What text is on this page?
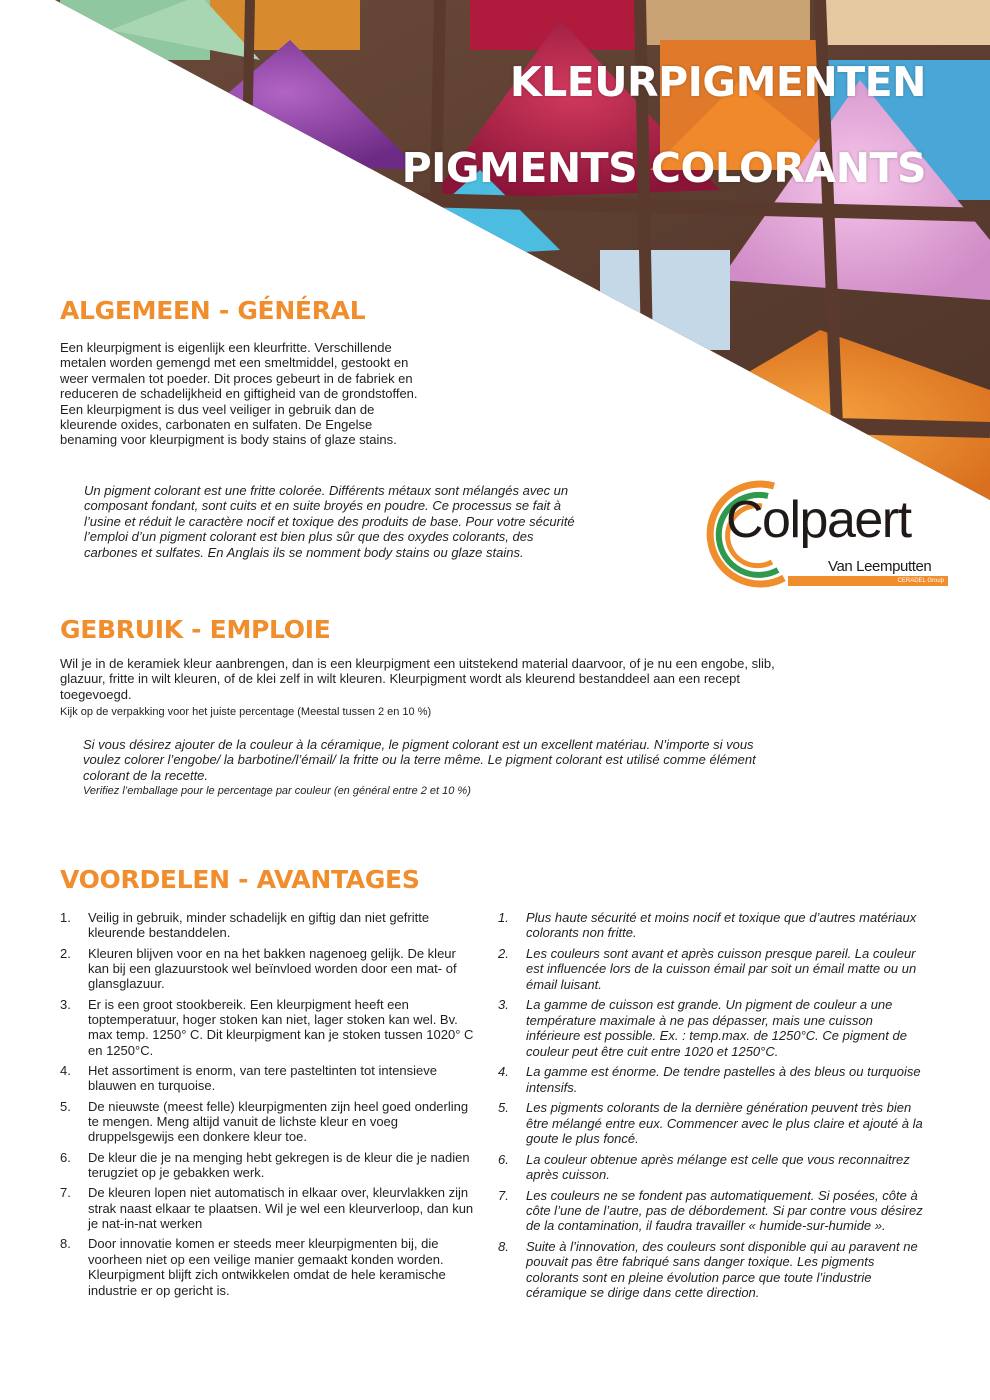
KLEURPIGMENTEN
PIGMENTS COLORANTS
ALGEMEEN - GÉNÉRAL

Een kleurpigment is eigenlijk een kleurfritte. Verschillende metalen worden gemengd met een smeltmiddel, gestookt en weer vermalen tot poeder. Dit proces gebeurt in de fabriek en reduceren de schadelijkheid en giftigheid van de grondstoffen. Een kleurpigment is dus veel veiliger in gebruik dan de kleurende oxides, carbonaten en sulfaten. De Engelse benaming voor kleurpigment is body stains of glaze stains.

Un pigment colorant est une fritte colorée. Différents métaux sont mélangés avec un composant fondant, sont cuits et en suite broyés en poudre. Ce processus se fait à l’usine et réduit le caractère nocif et toxique des produits de base. Pour votre sécurité l’emploi d’un pigment colorant est bien plus sûr que des oxydes colorants, des carbones et sulfates. En Anglais ils se nomment body stains ou glaze stains.

Colpaert
Van Leemputten
CERADEL Group
GEBRUIK - EMPLOIE

Wil je in de keramiek kleur aanbrengen, dan is een kleurpigment een uitstekend material daarvoor, of je nu een engobe, slib, glazuur, fritte in wilt kleuren, of de klei zelf in wilt kleuren. Kleurpigment wordt als kleurend bestanddeel aan een recept toegevoegd.

Kijk op de verpakking voor het juiste percentage (Meestal tussen 2 en 10 %)

Si vous désirez ajouter de la couleur à la céramique, le pigment colorant est un excellent matériau. N’importe si vous voulez colorer l’engobe/ la barbotine/l’émail/ la fritte ou la terre même. Le pigment colorant est utilisé comme élément colorant de la recette.

Verifiez l’emballage pour le percentage par couleur (en général entre 2 et 10 %)

VOORDELEN - AVANTAGES
1. Veilig in gebruik, minder schadelijk en giftig dan niet gefritte kleurende bestanddelen.
2. Kleuren blijven voor en na het bakken nagenoeg gelijk. De kleur kan bij een glazuurstook wel beïnvloed worden door een mat- of glansglazuur.
3. Er is een groot stookbereik. Een kleurpigment heeft een toptemperatuur, hoger stoken kan niet, lager stoken kan wel. Bv. max temp. 1250° C. Dit kleurpigment kan je stoken tussen 1020° C en 1250°C.
4. Het assortiment is enorm, van tere pasteltinten tot intensieve blauwen en turquoise.
5. De nieuwste (meest felle) kleurpigmenten zijn heel goed onderling te mengen. Meng altijd vanuit de lichste kleur en voeg druppelsgewijs een donkere kleur toe.
6. De kleur die je na menging hebt gekregen is de kleur die je nadien terugziet op je gebakken werk.
7. De kleuren lopen niet automatisch in elkaar over, kleurvlakken zijn strak naast elkaar te plaatsen. Wil je wel een kleurverloop, dan kun je nat-in-nat werken
8. Door innovatie komen er steeds meer kleurpigmenten bij, die voorheen niet op een veilige manier gemaakt konden worden. Kleurpigment blijft zich ontwikkelen omdat de hele keramische industrie er op gericht is.
1. Plus haute sécurité et moins nocif et toxique que d’autres matériaux colorants non fritte.
2. Les couleurs sont avant et après cuisson presque pareil. La couleur est influencée lors de la cuisson émail par soit un émail matte ou un émail luisant.
3. La gamme de cuisson est grande. Un pigment de couleur a une température maximale à ne pas dépasser, mais une cuisson inférieure est possible. Ex. : temp.max. de 1250°C. Ce pigment de couleur peut être cuit entre 1020 et 1250°C.
4. La gamme est énorme. De tendre pastelles à des bleus ou turquoise intensifs.
5. Les pigments colorants de la dernière génération peuvent très bien être mélangé entre eux. Commencer avec le plus claire et ajouté à la goute le plus foncé.
6. La couleur obtenue après mélange est celle que vous reconnaitrez après cuisson.
7. Les couleurs ne se fondent pas automatiquement. Si posées, côte à côte l’une de l’autre, pas de débordement. Si par contre vous désirez de la contamination, il faudra travailler « humide-sur-humide ».
8. Suite à l’innovation, des couleurs sont disponible qui au paravent ne pouvait pas être fabriqué sans danger toxique. Les pigments colorants sont en pleine évolution parce que toute l’industrie céramique se dirige dans cette direction.
